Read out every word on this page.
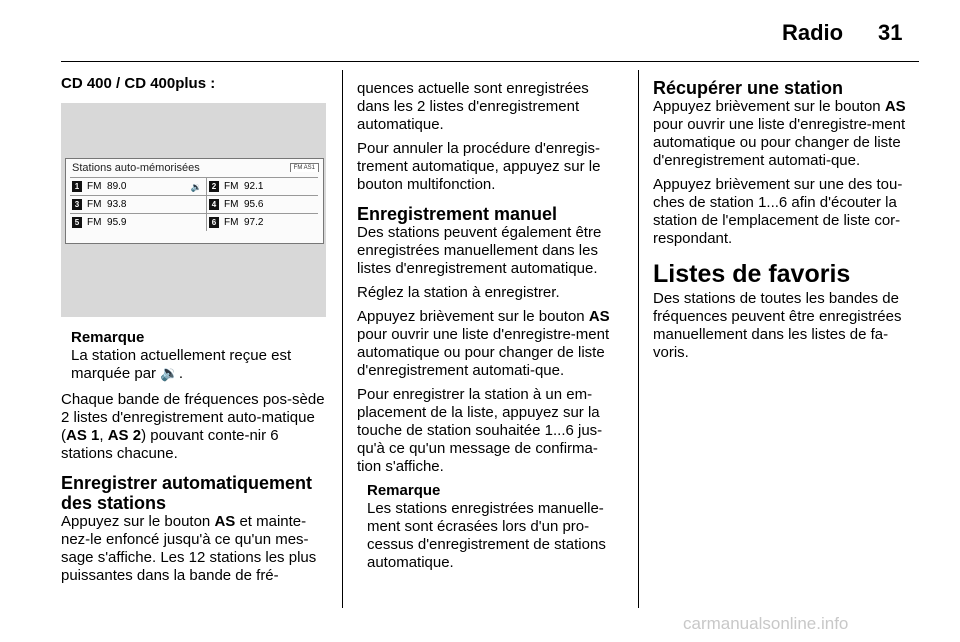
Radio 31
CD 400 / CD 400plus :
Stations auto-mémorisées	FM AS1
1 FM 89.0 🔉	2 FM 92.1
3 FM 93.8	4 FM 95.6
5 FM 95.9	6 FM 97.2
Remarque
La station actuellement reçue est marquée par 🔉.

Chaque bande de fréquences pos-sède 2 listes d'enregistrement auto-matique (AS 1, AS 2) pouvant conte-nir 6 stations chacune.

Enregistrer automatiquement des stations

Appuyez sur le bouton AS et mainte-nez-le enfoncé jusqu'à ce qu'un mes-sage s'affiche. Les 12 stations les plus puissantes dans la bande de fré-

quences actuelle sont enregistrées dans les 2 listes d'enregistrement automatique.

Pour annuler la procédure d'enregis-trement automatique, appuyez sur le bouton multifonction.

Enregistrement manuel

Des stations peuvent également être enregistrées manuellement dans les listes d'enregistrement automatique.

Réglez la station à enregistrer.

Appuyez brièvement sur le bouton AS pour ouvrir une liste d'enregistre-ment automatique ou pour changer de liste d'enregistrement automati-que.

Pour enregistrer la station à un em-placement de la liste, appuyez sur la touche de station souhaitée 1...6 jus-qu'à ce qu'un message de confirma-tion s'affiche.

Remarque
Les stations enregistrées manuelle-ment sont écrasées lors d'un pro-cessus d'enregistrement de stations automatique.
Récupérer une station

Appuyez brièvement sur le bouton AS pour ouvrir une liste d'enregistre-ment automatique ou pour changer de liste d'enregistrement automati-que.

Appuyez brièvement sur une des tou-ches de station 1...6 afin d'écouter la station de l'emplacement de liste cor-respondant.

Listes de favoris

Des stations de toutes les bandes de fréquences peuvent être enregistrées manuellement dans les listes de fa-voris.

carmanualsonline.info
